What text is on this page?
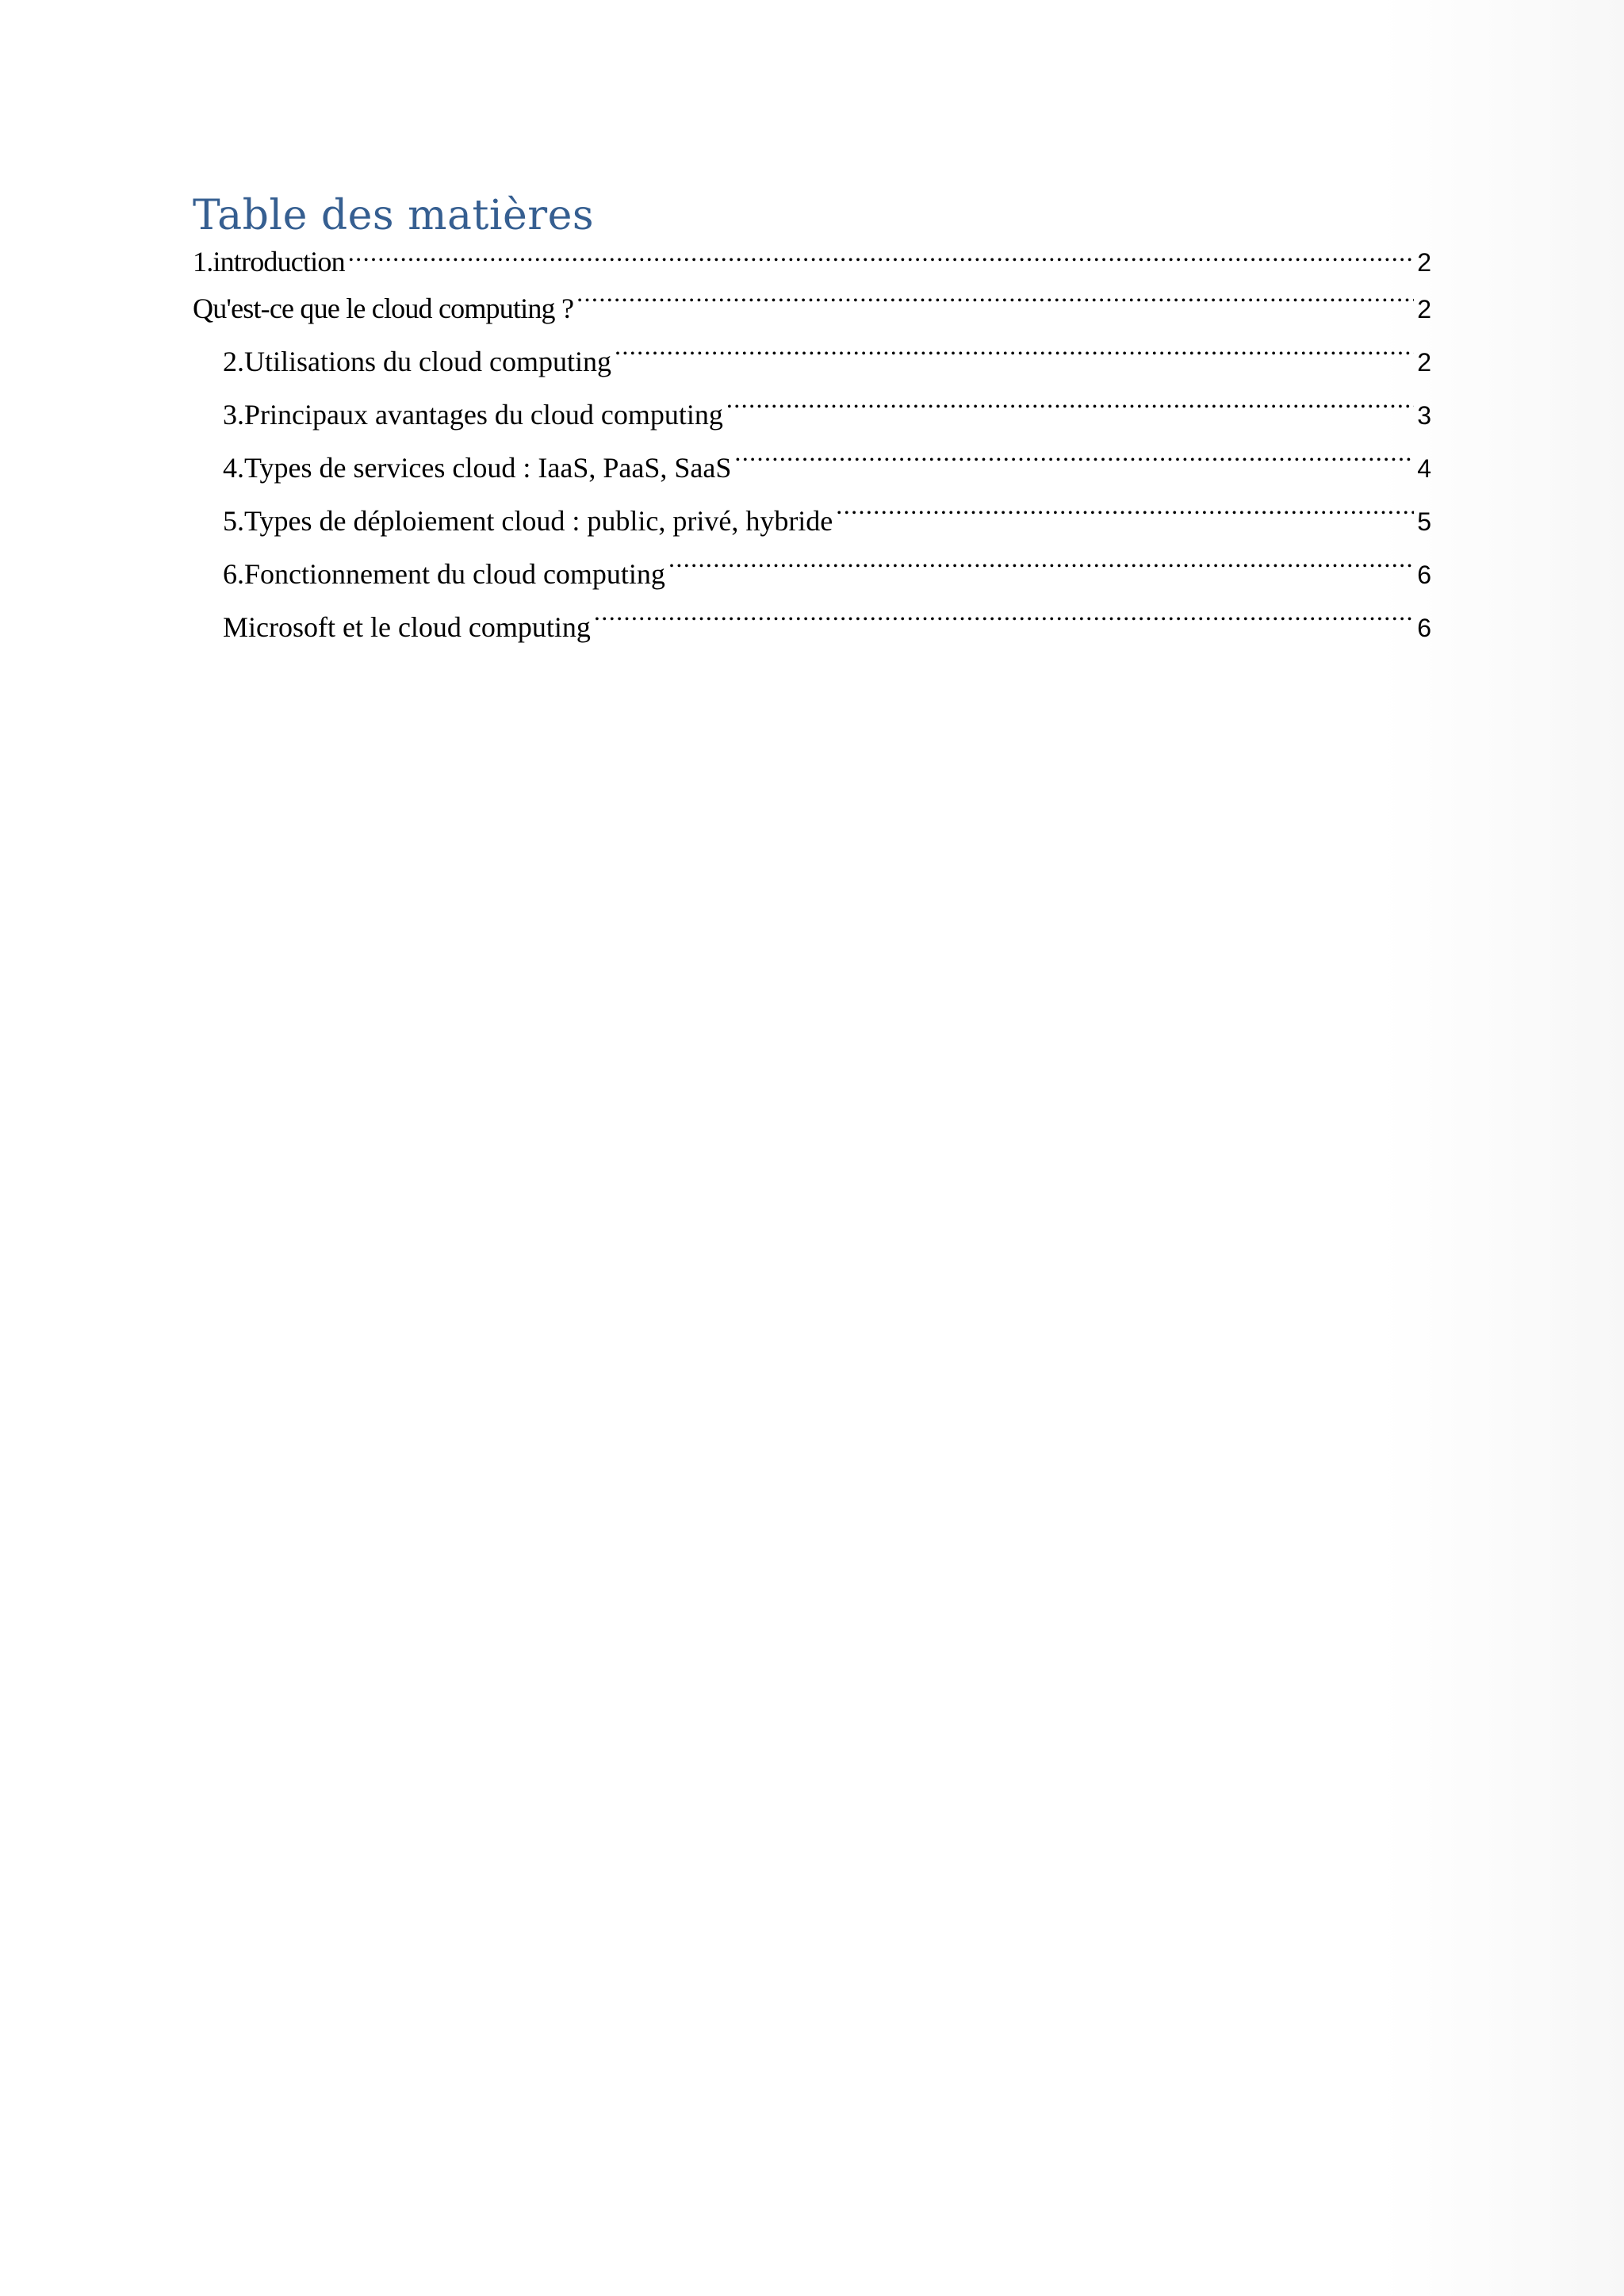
Table des matières
1.introduction .....	2
Qu'est-ce que le cloud computing ? .....	2
2.Utilisations du cloud computing .....	2
3.Principaux avantages du cloud computing .....	3
4.Types de services cloud : IaaS, PaaS, SaaS .....	4
5.Types de déploiement cloud : public, privé, hybride .....	5
6.Fonctionnement du cloud computing .....	6
Microsoft et le cloud computing .....	6
